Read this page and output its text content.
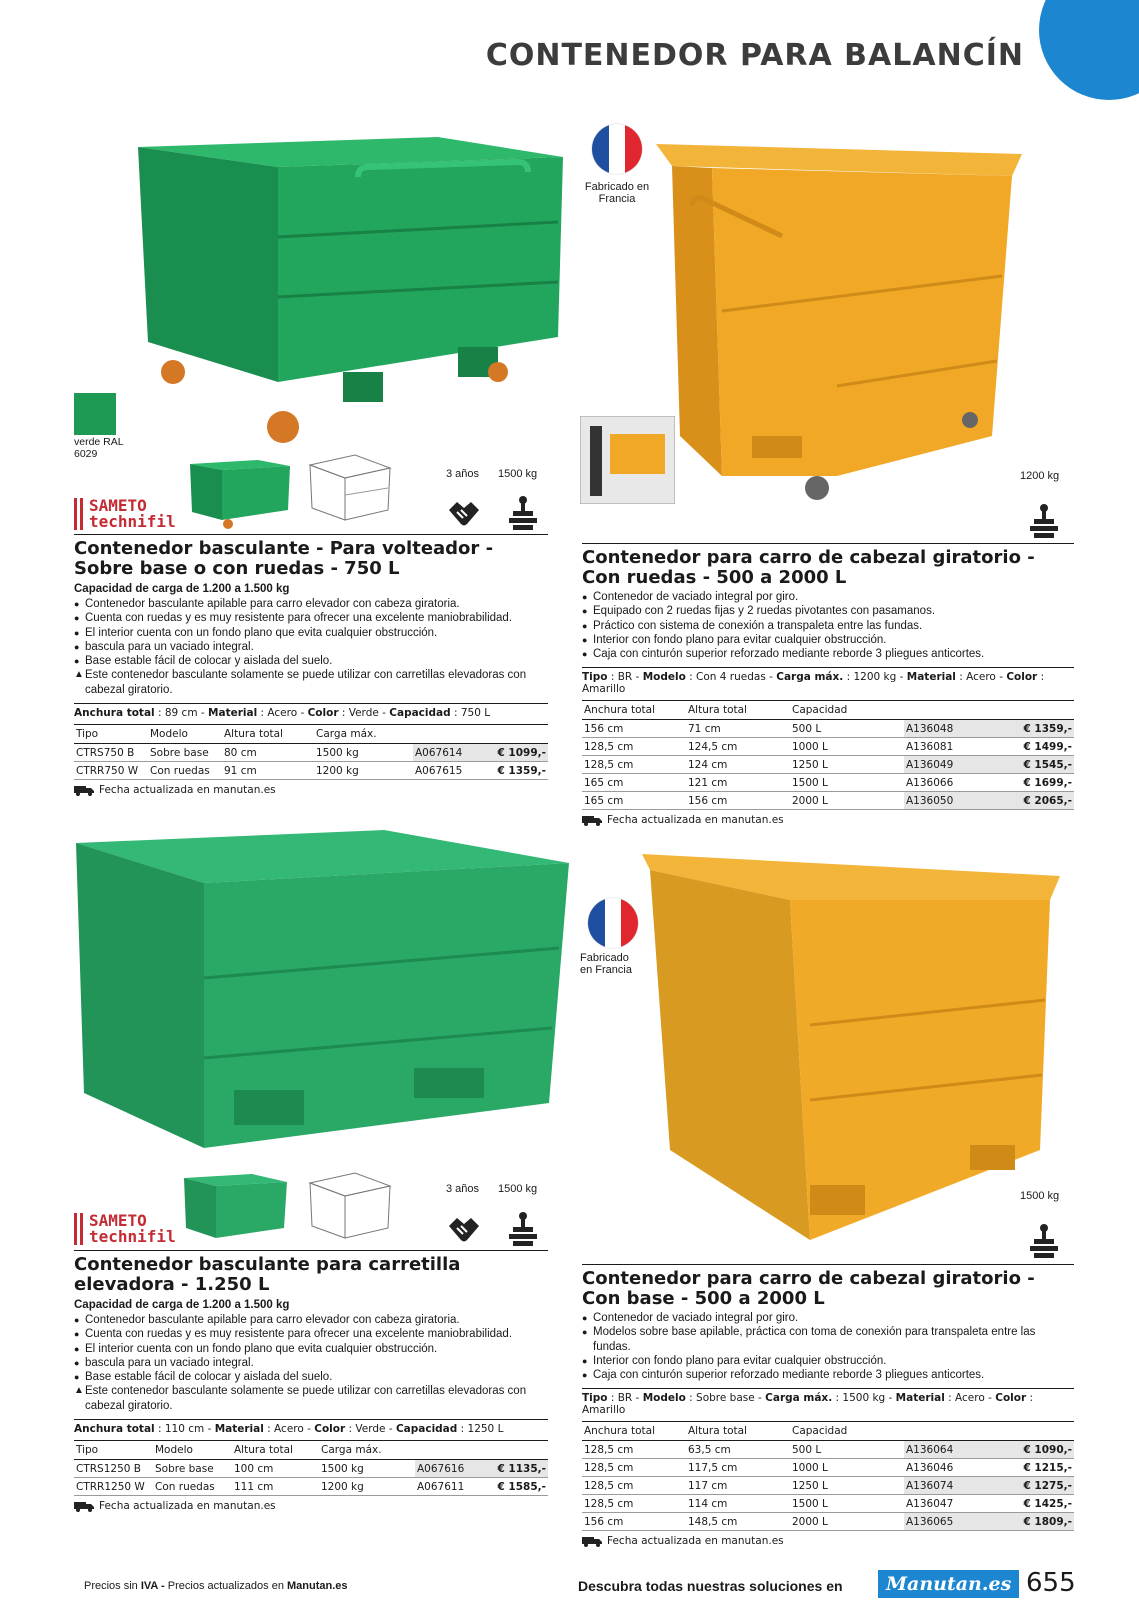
CONTENEDOR PARA BALANCÍN
verde RAL
6029
3 años 1500 kg
SAMETO
technifil
Contenedor basculante - Para volteador - Sobre base o con ruedas - 750 L
Capacidad de carga de 1.200 a 1.500 kg
● Contenedor basculante apilable para carro elevador con cabeza giratoria.
● Cuenta con ruedas y es muy resistente para ofrecer una excelente maniobrabilidad.
● El interior cuenta con un fondo plano que evita cualquier obstrucción.
● bascula para un vaciado integral.
● Base estable fácil de colocar y aislada del suelo.
▲ Este contenedor basculante solamente se puede utilizar con carretillas elevadoras con cabezal giratorio.
Anchura total : 89 cm - Material : Acero - Color : Verde - Capacidad : 750 L
Tipo	Modelo	Altura total	Carga máx.		
CTRS750 B	Sobre base	80 cm	1500 kg	A067614	€ 1099,-
CTRR750 W	Con ruedas	91 cm	1200 kg	A067615	€ 1359,-
Fecha actualizada en manutan.es
Fabricado en
Francia
1200 kg
Contenedor para carro de cabezal giratorio - Con ruedas - 500 a 2000 L
● Contenedor de vaciado integral por giro.
● Equipado con 2 ruedas fijas y 2 ruedas pivotantes con pasamanos.
● Práctico con sistema de conexión a transpaleta entre las fundas.
● Interior con fondo plano para evitar cualquier obstrucción.
● Caja con cinturón superior reforzado mediante reborde 3 pliegues anticortes.
Tipo : BR - Modelo : Con 4 ruedas - Carga máx. : 1200 kg - Material : Acero - Color : Amarillo
Anchura total	Altura total	Capacidad		
156 cm	71 cm	500 L	A136048	€ 1359,-
128,5 cm	124,5 cm	1000 L	A136081	€ 1499,-
128,5 cm	124 cm	1250 L	A136049	€ 1545,-
165 cm	121 cm	1500 L	A136066	€ 1699,-
165 cm	156 cm	2000 L	A136050	€ 2065,-
Fecha actualizada en manutan.es
3 años 1500 kg
SAMETO
technifil
Contenedor basculante para carretilla elevadora - 1.250 L
Capacidad de carga de 1.200 a 1.500 kg
● Contenedor basculante apilable para carro elevador con cabeza giratoria.
● Cuenta con ruedas y es muy resistente para ofrecer una excelente maniobrabilidad.
● El interior cuenta con un fondo plano que evita cualquier obstrucción.
● bascula para un vaciado integral.
● Base estable fácil de colocar y aislada del suelo.
▲ Este contenedor basculante solamente se puede utilizar con carretillas elevadoras con cabezal giratorio.
Anchura total : 110 cm - Material : Acero - Color : Verde - Capacidad : 1250 L
Tipo	Modelo	Altura total	Carga máx.		
CTRS1250 B	Sobre base	100 cm	1500 kg	A067616	€ 1135,-
CTRR1250 W	Con ruedas	111 cm	1200 kg	A067611	€ 1585,-
Fecha actualizada en manutan.es
Fabricado
en Francia
1500 kg
Contenedor para carro de cabezal giratorio - Con base - 500 a 2000 L
● Contenedor de vaciado integral por giro.
● Modelos sobre base apilable, práctica con toma de conexión para transpaleta entre las fundas.
● Interior con fondo plano para evitar cualquier obstrucción.
● Caja con cinturón superior reforzado mediante reborde 3 pliegues anticortes.
Tipo : BR - Modelo : Sobre base - Carga máx. : 1500 kg - Material : Acero - Color : Amarillo
Anchura total	Altura total	Capacidad		
128,5 cm	63,5 cm	500 L	A136064	€ 1090,-
128,5 cm	117,5 cm	1000 L	A136046	€ 1215,-
128,5 cm	117 cm	1250 L	A136074	€ 1275,-
128,5 cm	114 cm	1500 L	A136047	€ 1425,-
156 cm	148,5 cm	2000 L	A136065	€ 1809,-
Fecha actualizada en manutan.es
Precios sin IVA - Precios actualizados en Manutan.es	Descubra todas nuestras soluciones en	Manutan.es 655
